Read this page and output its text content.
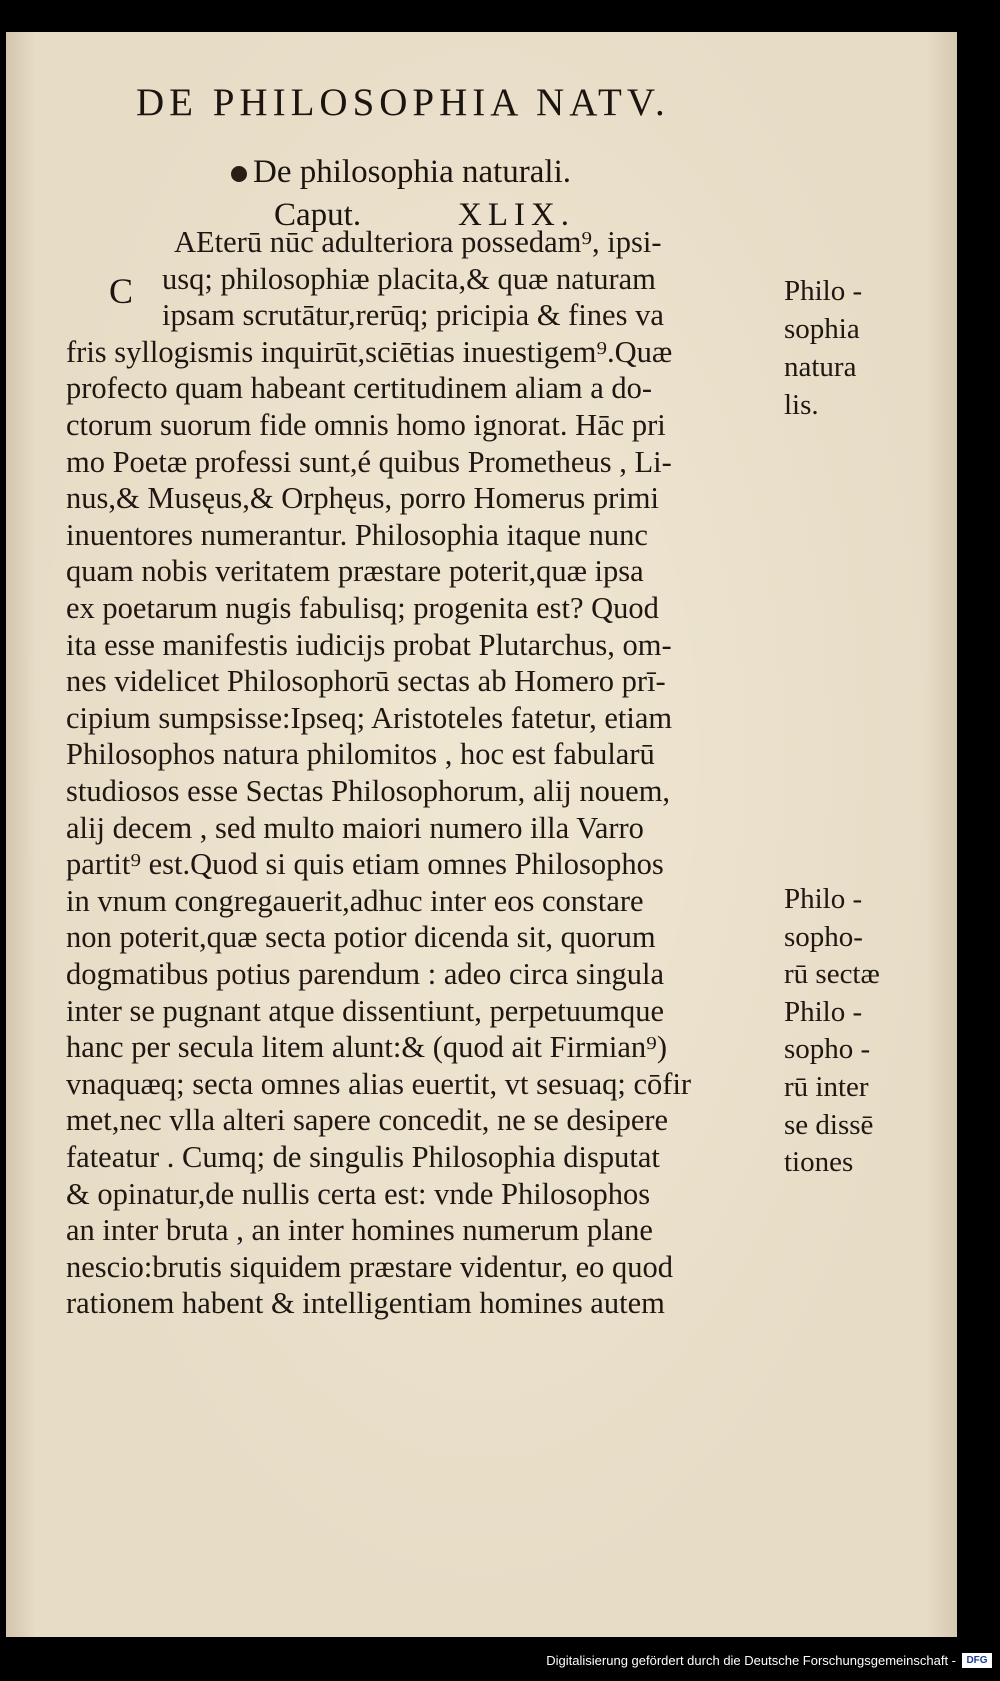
DE PHILOSOPHIA NATV.
De philosophia naturali.
Caput.	XLIX.
C
AEterū nūc adulteriora possedam⁹, ipsi-
usq; philosophiæ placita,& quæ naturam
ipsam scrutātur,rerūq; pricipia & fines va
fris syllogismis inquirūt,sciētias inuestigem⁹.Quæ
profecto quam habeant certitudinem aliam a do-
ctorum suorum fide omnis homo ignorat. Hāc pri
mo Poetæ professi sunt,é quibus Prometheus , Li-
nus,& Musęus,& Orphęus, porro Homerus primi
inuentores numerantur. Philosophia itaque nunc
quam nobis veritatem præstare poterit,quæ ipsa
ex poetarum nugis fabulisq; progenita est? Quod
ita esse manifestis iudicijs probat Plutarchus, om-
nes videlicet Philosophorū sectas ab Homero prī-
cipium sumpsisse:Ipseq; Aristoteles fatetur, etiam
Philosophos natura philomitos , hoc est fabularū
studiosos esse Sectas Philosophorum, alij nouem,
alij decem , sed multo maiori numero illa Varro
partit⁹ est.Quod si quis etiam omnes Philosophos
in vnum congregauerit,adhuc inter eos constare
non poterit,quæ secta potior dicenda sit, quorum
dogmatibus potius parendum : adeo circa singula
inter se pugnant atque dissentiunt, perpetuumque
hanc per secula litem alunt:& (quod ait Firmian⁹)
vnaquæq; secta omnes alias euertit, vt sesuaq; cōfir
met,nec vlla alteri sapere concedit, ne se desipere
fateatur . Cumq; de singulis Philosophia disputat
& opinatur,de nullis certa est: vnde Philosophos
an inter bruta , an inter homines numerum plane
nescio:brutis siquidem præstare videntur, eo quod
rationem habent & intelligentiam homines autem
Philo -
sophia
natura
lis.
Philo -
sopho-
rū sectæ
Philo -
sopho -
rū inter
se dissē
tiones
Digitalisierung gefördert durch die Deutsche Forschungsgemeinschaft -	DFG
